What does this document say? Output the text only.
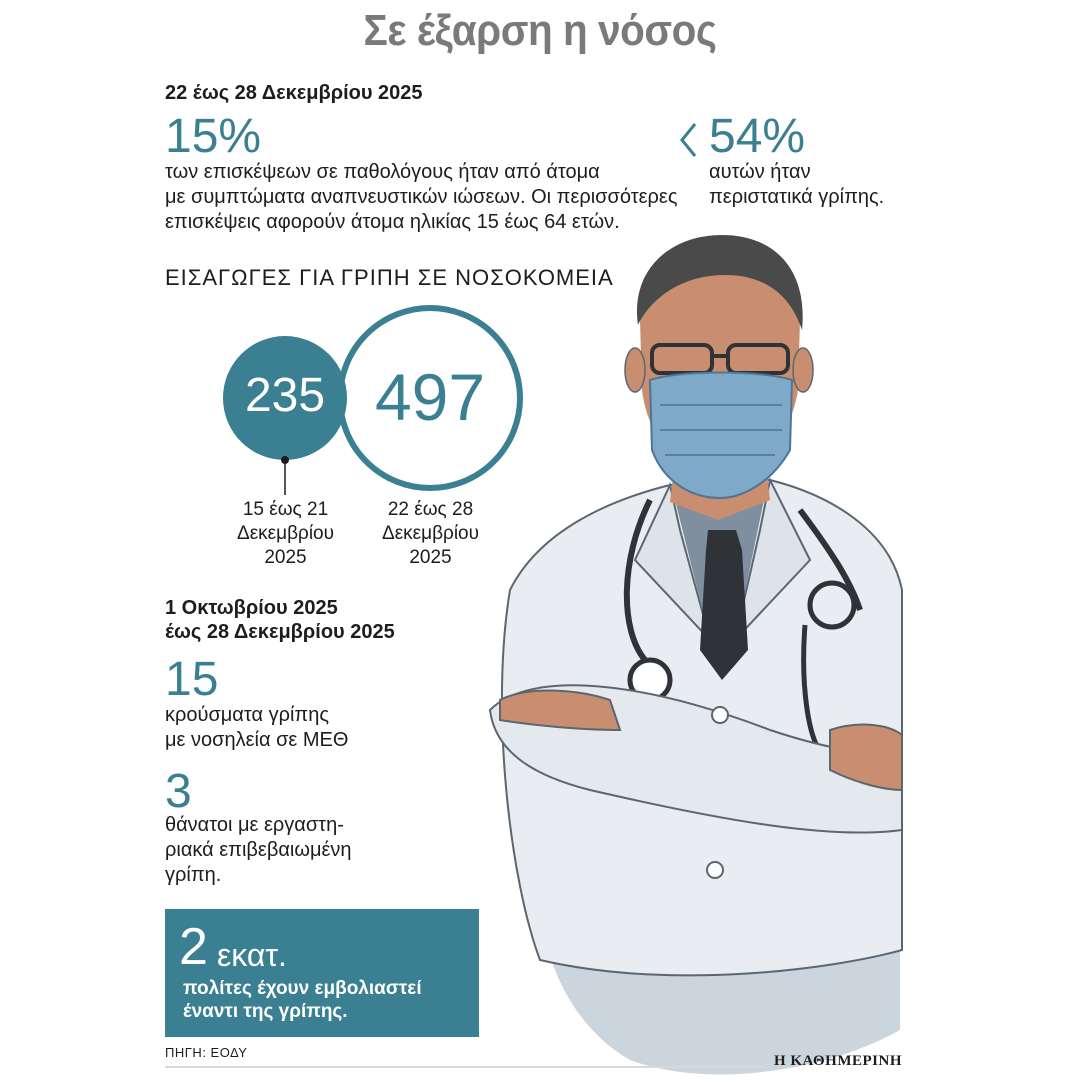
Σε έξαρση η νόσος
22 έως 28 Δεκεμβρίου 2025
15%
των επισκέψεων σε παθολόγους ήταν από άτομα
με συμπτώματα αναπνευστικών ιώσεων. Οι περισσότερες
επισκέψεις αφορούν άτομα ηλικίας 15 έως 64 ετών.
54%
αυτών ήταν
περιστατικά γρίπης.
ΕΙΣΑΓΩΓΕΣ ΓΙΑ ΓΡΙΠΗ ΣΕ ΝΟΣΟΚΟΜΕΙΑ
235 497
15 έως 21
Δεκεμβρίου
2025
22 έως 28
Δεκεμβρίου
2025
1 Οκτωβρίου 2025
έως 28 Δεκεμβρίου 2025
15
κρούσματα γρίπης
με νοσηλεία σε ΜΕΘ
3
θάνατοι με εργαστη-
ριακά επιβεβαιωμένη
γρίπη.
2 εκατ.
πολίτες έχουν εμβολιαστεί
έναντι της γρίπης.
ΠΗΓΗ: ΕΟΔΥ
Η ΚΑΘΗΜΕΡΙΝΗ
